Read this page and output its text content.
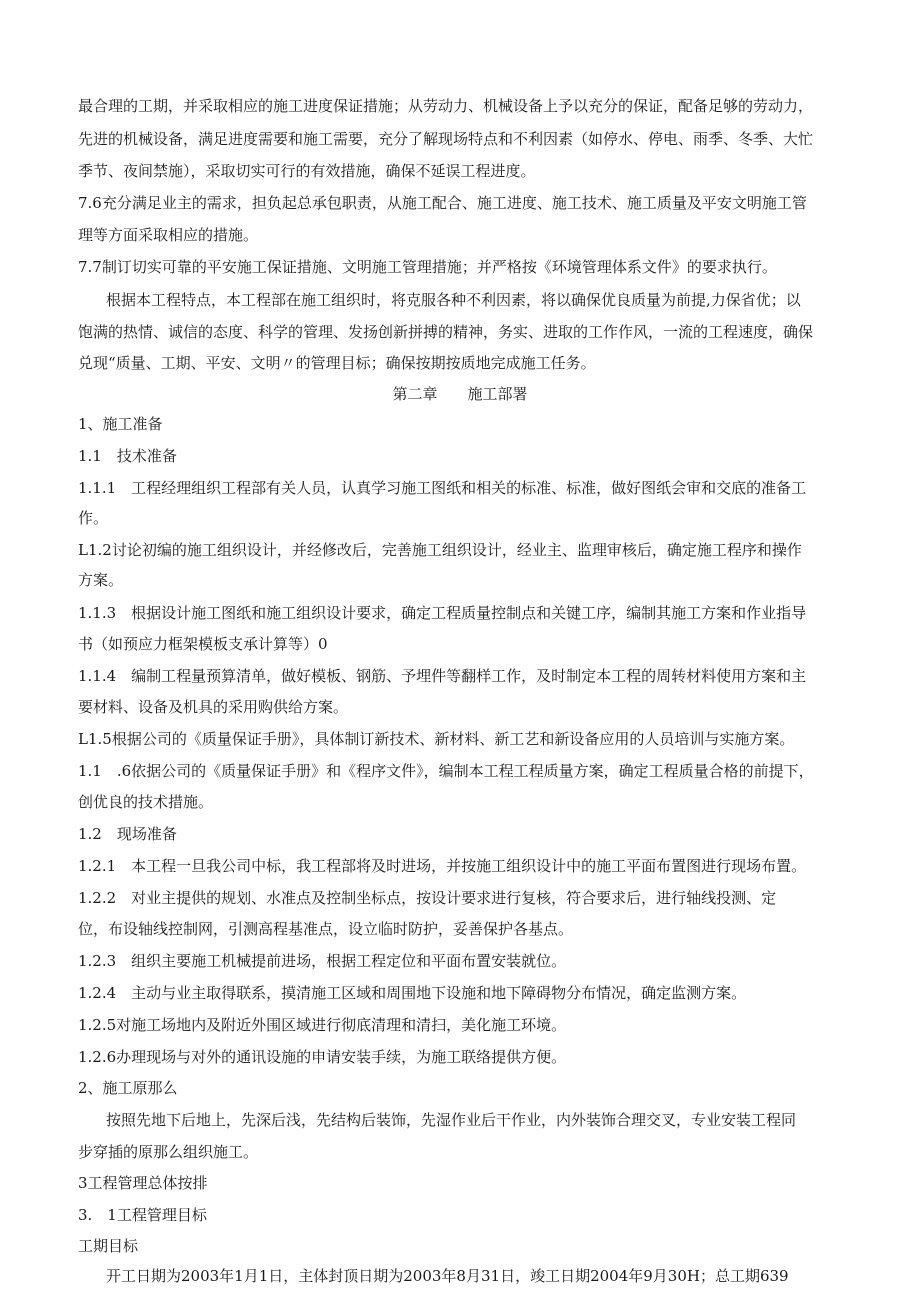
最合理的工期，并采取相应的施工进度保证措施；从劳动力、机械设备上予以充分的保证，配备足够的劳动力，

先进的机械设备，满足进度需要和施工需要，充分了解现场特点和不利因素（如停水、停电、雨季、冬季、大忙

季节、夜间禁施），采取切实可行的有效措施，确保不延误工程进度。

7.6充分满足业主的需求，担负起总承包职责，从施工配合、施工进度、施工技术、施工质量及平安文明施工管

理等方面采取相应的措施。

7.7制订切实可靠的平安施工保证措施、文明施工管理措施；并严格按《环境管理体系文件》的要求执行。

根据本工程特点，本工程部在施工组织时，将克服各种不利因素，将以确保优良质量为前提,力保省优；以

饱满的热情、诚信的态度、科学的管理、发扬创新拼搏的精神，务实、进取的工作作风，一流的工程速度，确保

兑现“质量、工期、平安、文明〃的管理目标；确保按期按质地完成施工任务。

第二章　　施工部署

1、施工准备

1.1　技术准备

1.1.1　工程经理组织工程部有关人员，认真学习施工图纸和相关的标准、标准，做好图纸会审和交底的准备工

作。

L1.2讨论初编的施工组织设计，并经修改后，完善施工组织设计，经业主、监理审核后，确定施工程序和操作

方案。

1.1.3　根据设计施工图纸和施工组织设计要求，确定工程质量控制点和关键工序，编制其施工方案和作业指导

书（如预应力框架模板支承计算等）0

1.1.4　编制工程量预算清单，做好模板、钢筋、予埋件等翻样工作，及时制定本工程的周转材料使用方案和主

要材料、设备及机具的采用购供给方案。

L1.5根据公司的《质量保证手册》，具体制订新技术、新材料、新工艺和新设备应用的人员培训与实施方案。

1.1　.6依据公司的《质量保证手册》和《程序文件》，编制本工程工程质量方案，确定工程质量合格的前提下，

创优良的技术措施。

1.2　现场准备

1.2.1　本工程一旦我公司中标，我工程部将及时进场，并按施工组织设计中的施工平面布置图进行现场布置。

1.2.2　对业主提供的规划、水准点及控制坐标点，按设计要求进行复核，符合要求后，进行轴线投测、定

位，布设轴线控制网，引测高程基准点，设立临时防护，妥善保护各基点。

1.2.3　组织主要施工机械提前进场，根据工程定位和平面布置安装就位。

1.2.4　主动与业主取得联系，摸清施工区域和周围地下设施和地下障碍物分布情况，确定监测方案。

1.2.5对施工场地内及附近外围区域进行彻底清理和清扫，美化施工环境。

1.2.6办理现场与对外的通讯设施的申请安装手续，为施工联络提供方便。

2、施工原那么

按照先地下后地上，先深后浅，先结构后装饰，先湿作业后干作业，内外装饰合理交叉，专业安装工程同

步穿插的原那么组织施工。

3工程管理总体按排

3.　1工程管理目标

工期目标

开工日期为2003年1月1日，主体封顶日期为2003年8月31日，竣工日期2004年9月30H；总工期639
